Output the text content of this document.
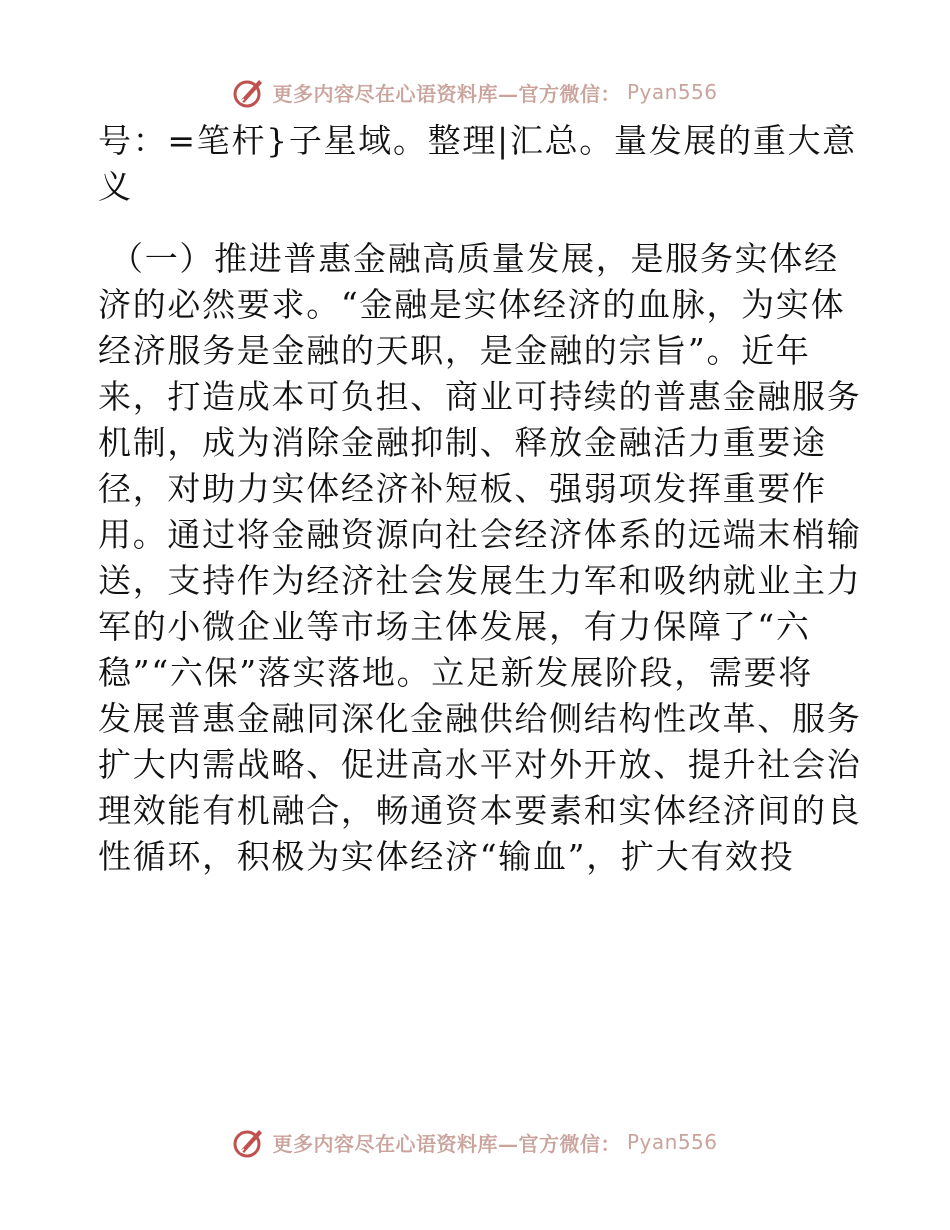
更多内容尽在心语资料库—官方微信： Pyan556
号：=笔杆}子星域。整理|汇总。量发展的重大意
义
（一）推进普惠金融高质量发展，是服务实体经
济的必然要求。“金融是实体经济的血脉，为实体
经济服务是金融的天职，是金融的宗旨”。近年
来，打造成本可负担、商业可持续的普惠金融服务
机制，成为消除金融抑制、释放金融活力重要途
径，对助力实体经济补短板、强弱项发挥重要作
用。通过将金融资源向社会经济体系的远端末梢输
送，支持作为经济社会发展生力军和吸纳就业主力
军的小微企业等市场主体发展，有力保障了“六
稳”“六保”落实落地。立足新发展阶段，需要将
发展普惠金融同深化金融供给侧结构性改革、服务
扩大内需战略、促进高水平对外开放、提升社会治
理效能有机融合，畅通资本要素和实体经济间的良
性循环，积极为实体经济“输血”，扩大有效投
更多内容尽在心语资料库—官方微信： Pyan556
